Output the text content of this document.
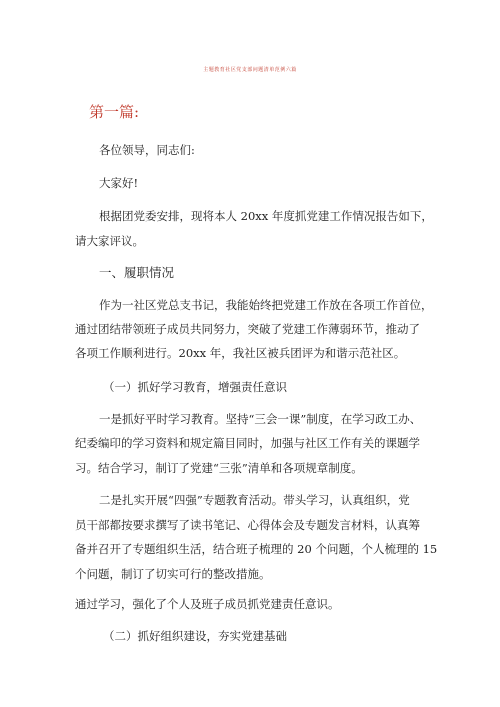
主题教育社区党支部问题清单范例六篇
第一篇:
各位领导，同志们:
大家好!
根据团党委安排，现将本人 20xx 年度抓党建工作情况报告如下，
请大家评议。
一、履职情况
作为一社区党总支书记，我能始终把党建工作放在各项工作首位，
通过团结带领班子成员共同努力，突破了党建工作薄弱环节，推动了
各项工作顺利进行。20xx 年，我社区被兵团评为和谐示范社区。
（一）抓好学习教育，增强责任意识
一是抓好平时学习教育。坚持“三会一课”制度，在学习政工办、
纪委编印的学习资料和规定篇目同时，加强与社区工作有关的课题学
习。结合学习，制订了党建“三张”清单和各项规章制度。
二是扎实开展“四强”专题教育活动。带头学习，认真组织，党
员干部都按要求撰写了读书笔记、心得体会及专题发言材料，认真筹
备并召开了专题组织生活，结合班子梳理的 20 个问题，个人梳理的 15
个问题，制订了切实可行的整改措施。
通过学习，强化了个人及班子成员抓党建责任意识。
（二）抓好组织建设，夯实党建基础
